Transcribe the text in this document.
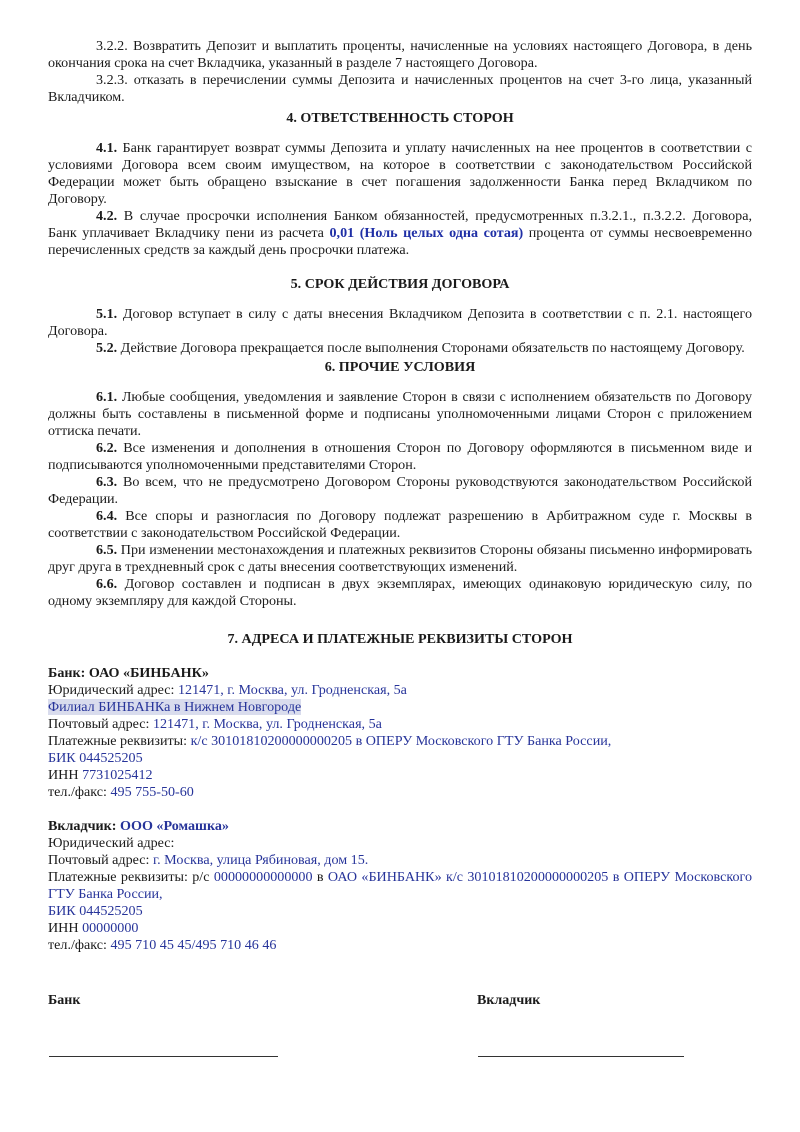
3.2.2. Возвратить Депозит и выплатить проценты, начисленные на условиях настоящего Договора, в день окончания срока на счет Вкладчика, указанный в разделе 7 настоящего Договора.

3.2.3. отказать в перечислении суммы Депозита и начисленных процентов на счет 3-го лица, указанный Вкладчиком.

4. ОТВЕТСТВЕННОСТЬ СТОРОН

4.1. Банк гарантирует возврат суммы Депозита и уплату начисленных на нее процентов в соответствии с условиями Договора всем своим имуществом, на которое в соответствии с законодательством Российской Федерации может быть обращено взыскание в счет погашения задолженности Банка перед Вкладчиком по Договору.

4.2. В случае просрочки исполнения Банком обязанностей, предусмотренных п.3.2.1., п.3.2.2. Договора, Банк уплачивает Вкладчику пени из расчета 0,01 (Ноль целых одна сотая) процента от суммы несвоевременно перечисленных средств за каждый день просрочки платежа.

5. СРОК ДЕЙСТВИЯ ДОГОВОРА

5.1. Договор вступает в силу с даты внесения Вкладчиком Депозита в соответствии с п. 2.1. настоящего Договора.

5.2. Действие Договора прекращается после выполнения Сторонами обязательств по настоящему Договору.

6. ПРОЧИЕ УСЛОВИЯ

6.1. Любые сообщения, уведомления и заявление Сторон в связи с исполнением обязательств по Договору должны быть составлены в письменной форме и подписаны уполномоченными лицами Сторон с приложением оттиска печати.

6.2. Все изменения и дополнения в отношения Сторон по Договору оформляются в письменном виде и подписываются уполномоченными представителями Сторон.

6.3. Во всем, что не предусмотрено Договором Стороны руководствуются законодательством Российской Федерации.

6.4. Все споры и разногласия по Договору подлежат разрешению в Арбитражном суде г. Москвы в соответствии с законодательством Российской Федерации.

6.5. При изменении местонахождения и платежных реквизитов Стороны обязаны письменно информировать друг друга в трехдневный срок с даты внесения соответствующих изменений.

6.6. Договор составлен и подписан в двух экземплярах, имеющих одинаковую юридическую силу, по одному экземпляру для каждой Стороны.

7. АДРЕСА И ПЛАТЕЖНЫЕ РЕКВИЗИТЫ СТОРОН

Банк: ОАО «БИНБАНК»

Юридический адрес: 121471, г. Москва, ул. Гродненская, 5а

Филиал БИНБАНКа в Нижнем Новгороде

Почтовый адрес: 121471, г. Москва, ул. Гродненская, 5а

Платежные реквизиты: к/с 30101810200000000205 в ОПЕРУ Московского ГТУ Банка России,

БИК 044525205

ИНН 7731025412

тел./факс: 495 755-50-60

Вкладчик: ООО «Ромашка»

Юридический адрес:

Почтовый адрес: г. Москва, улица Рябиновая, дом 15.

Платежные реквизиты: р/с 00000000000000 в ОАО «БИНБАНК» к/с 30101810200000000205 в ОПЕРУ Московского ГТУ Банка России,

БИК 044525205

ИНН 00000000

тел./факс: 495 710 45 45/495 710 46 46

Банк	Вкладчик
